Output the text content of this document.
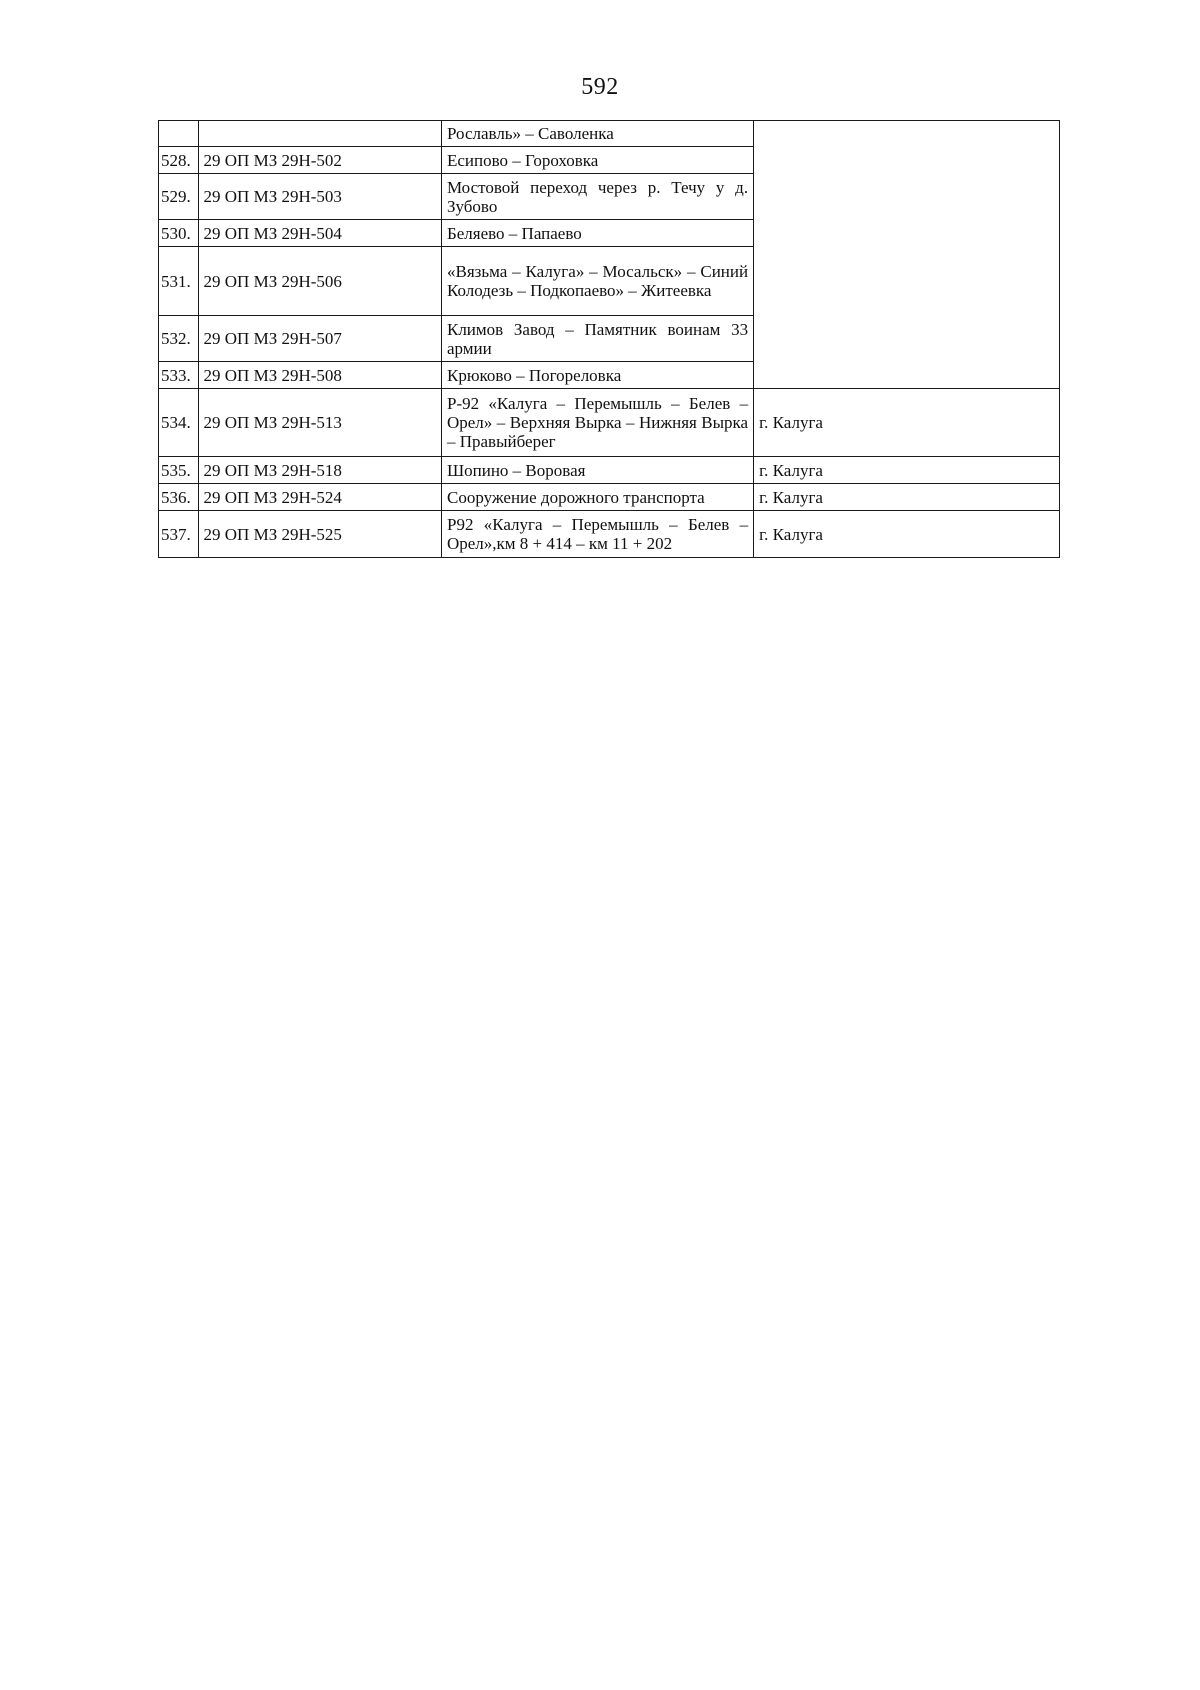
592
		Рославль» – Саволенка	
528.	29 ОП МЗ 29Н-502	Есипово – Гороховка	
529.	29 ОП МЗ 29Н-503	Мостовой переход через р. Течу у д. Зубово	
530.	29 ОП МЗ 29Н-504	Беляево – Папаево	
531.	29 ОП МЗ 29Н-506	«Вязьма – Калуга» – Мосальск» – Синий Колодезь – Подкопаево» – Житеевка	
532.	29 ОП МЗ 29Н-507	Климов Завод – Памятник воинам 33 армии	
533.	29 ОП МЗ 29Н-508	Крюково – Погореловка	
534.	29 ОП МЗ 29Н-513	Р-92 «Калуга – Перемышль – Белев – Орел» – Верхняя Вырка – Нижняя Вырка – Правыйберег	г. Калуга
535.	29 ОП МЗ 29Н-518	Шопино – Воровая	г. Калуга
536.	29 ОП МЗ 29Н-524	Сооружение дорожного транспорта	г. Калуга
537.	29 ОП МЗ 29Н-525	Р92 «Калуга – Перемышль – Белев – Орел»,км 8 + 414 – км 11 + 202	г. Калуга
